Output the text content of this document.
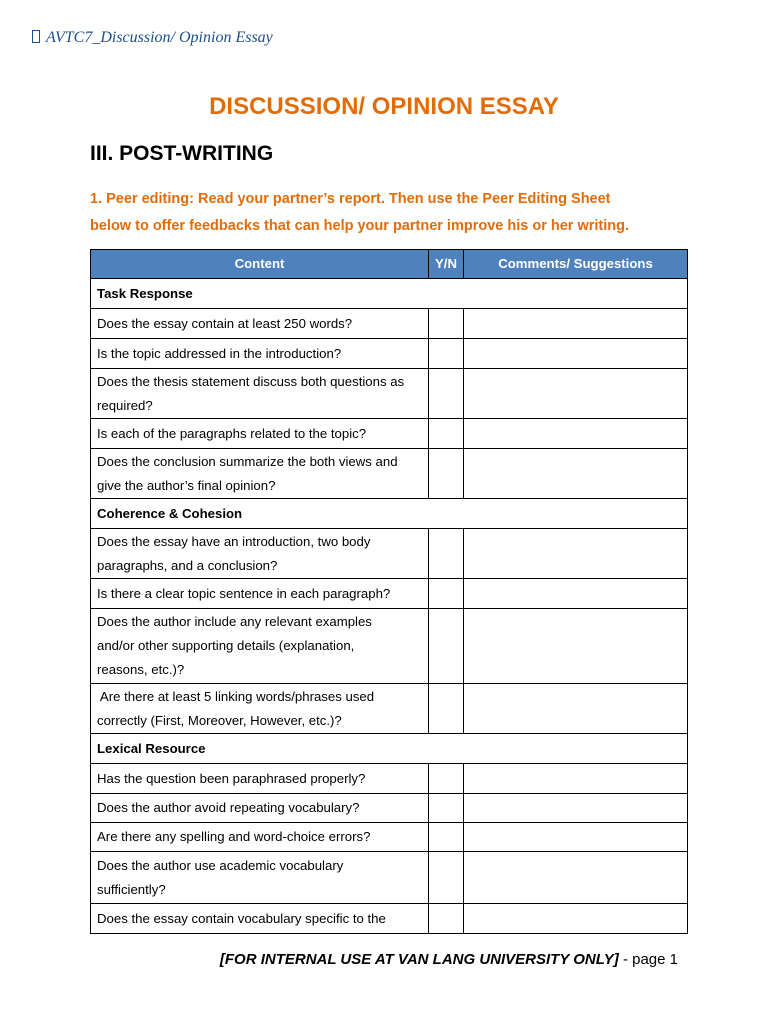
AVTC7_Discussion/ Opinion Essay
DISCUSSION/ OPINION ESSAY
III. POST-WRITING
1. Peer editing: Read your partner’s report. Then use the Peer Editing Sheet
below to offer feedbacks that can help your partner improve his or her writing.
Content	Y/N	Comments/ Suggestions
Task Response		
Does the essay contain at least 250 words?		
Is the topic addressed in the introduction?		
Does the thesis statement discuss both questions as
required?		
Is each of the paragraphs related to the topic?		
Does the conclusion summarize the both views and
give the author’s final opinion?		
Coherence & Cohesion		
Does the essay have an introduction, two body
paragraphs, and a conclusion?		
Is there a clear topic sentence in each paragraph?		
Does the author include any relevant examples
and/or other supporting details (explanation,
reasons, etc.)?		
Are there at least 5 linking words/phrases used
correctly (First, Moreover, However, etc.)?		
Lexical Resource		
Has the question been paraphrased properly?		
Does the author avoid repeating vocabulary?		
Are there any spelling and word-choice errors?		
Does the author use academic vocabulary
sufficiently?		
Does the essay contain vocabulary specific to the		
[FOR INTERNAL USE AT VAN LANG UNIVERSITY ONLY] - page 1
